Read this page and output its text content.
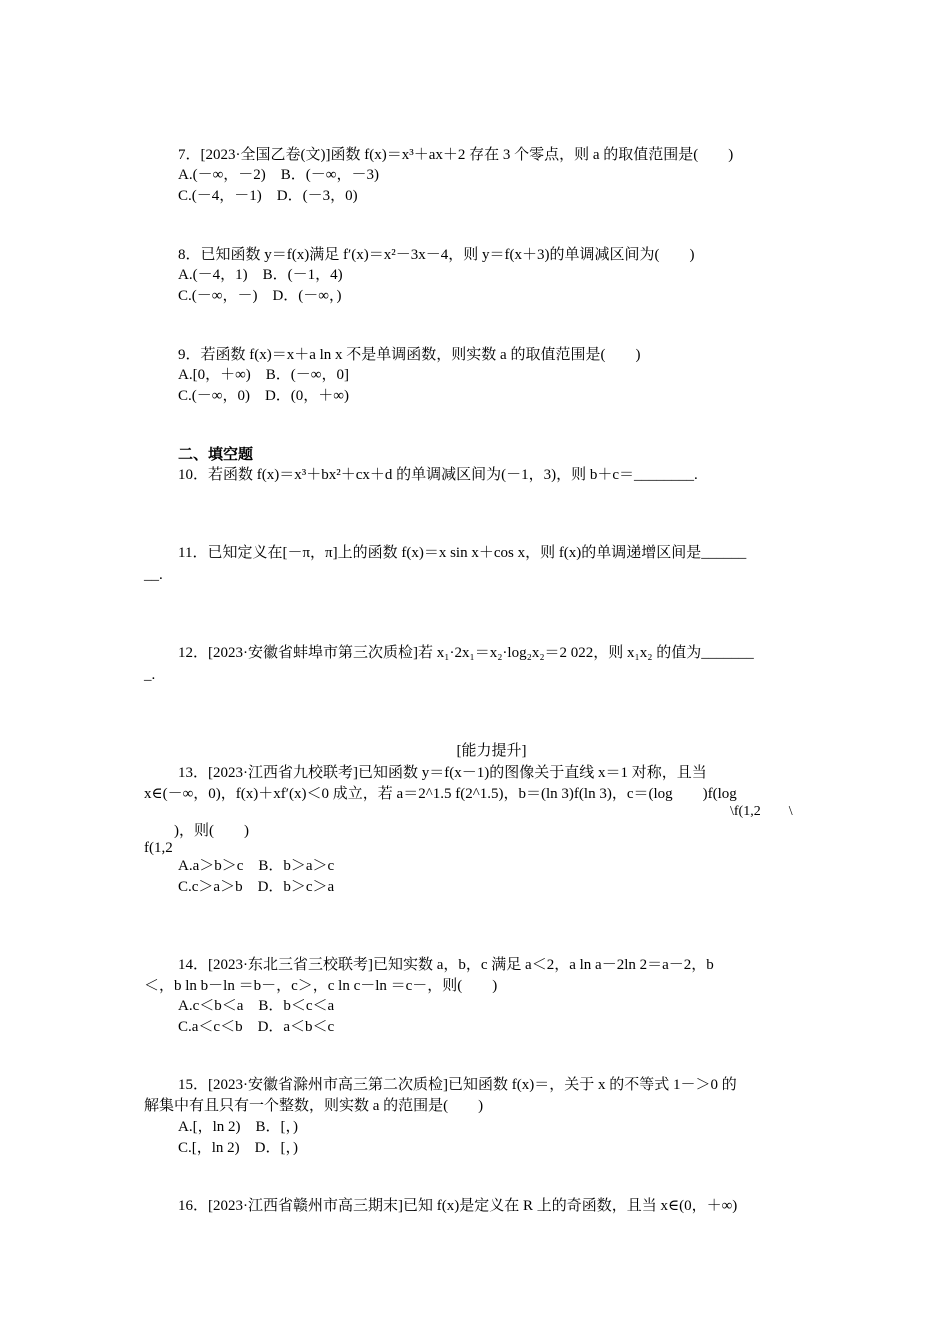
7．[2023·全国乙卷(文)]函数 f(x)＝x³＋ax＋2 存在 3 个零点，则 a 的取值范围是(　　)
A.(－∞，－2)　B．(－∞，－3)
C.(－4，－1)　D．(－3，0)
8．已知函数 y＝f(x)满足 f′(x)＝x²－3x－4，则 y＝f(x＋3)的单调减区间为(　　)
A.(－4，1)　B．(－1，4)
C.(－∞，－)　D．(－∞，)
9．若函数 f(x)＝x＋a ln x 不是单调函数，则实数 a 的取值范围是(　　)
A.[0，＋∞)　B．(－∞，0]
C.(－∞，0)　D．(0，＋∞)
二、填空题
10．若函数 f(x)＝x³＋bx²＋cx＋d 的单调减区间为(－1，3)，则 b＋c＝________.
11．已知定义在[－π，π]上的函数 f(x)＝x sin x＋cos x，则 f(x)的单调递增区间是______
__.
12．[2023·安徽省蚌埠市第三次质检]若 x₁·2x₁＝x₂·log₂x₂＝2 022，则 x₁x₂ 的值为_______
_.
[能力提升]
13．[2023·江西省九校联考]已知函数 y＝f(x－1)的图像关于直线 x＝1 对称，且当
x∈(－∞，0)，f(x)＋xf′(x)＜0 成立，若 a＝2^1.5 f(2^1.5)，b＝(ln 3)f(ln 3)，c＝(log　　)f(log
\f(1,2　　\
　　)，则(　　)
f(1,2
A.a＞b＞c　B．b＞a＞c
C.c＞a＞b　D．b＞c＞a
14．[2023·东北三省三校联考]已知实数 a，b，c 满足 a＜2，a ln a－2ln 2＝a－2，b
＜，b ln b－ln ＝b－，c＞，c ln c－ln ＝c－，则(　　)
A.c＜b＜a　B．b＜c＜a
C.a＜c＜b　D．a＜b＜c
15．[2023·安徽省滁州市高三第二次质检]已知函数 f(x)＝，关于 x 的不等式 1－＞0 的
解集中有且只有一个整数，则实数 a 的范围是(　　)
A.[，ln 2)　B．[，)
C.[，ln 2)　D．[，)
16．[2023·江西省赣州市高三期末]已知 f(x)是定义在 R 上的奇函数，且当 x∈(0，＋∞)
